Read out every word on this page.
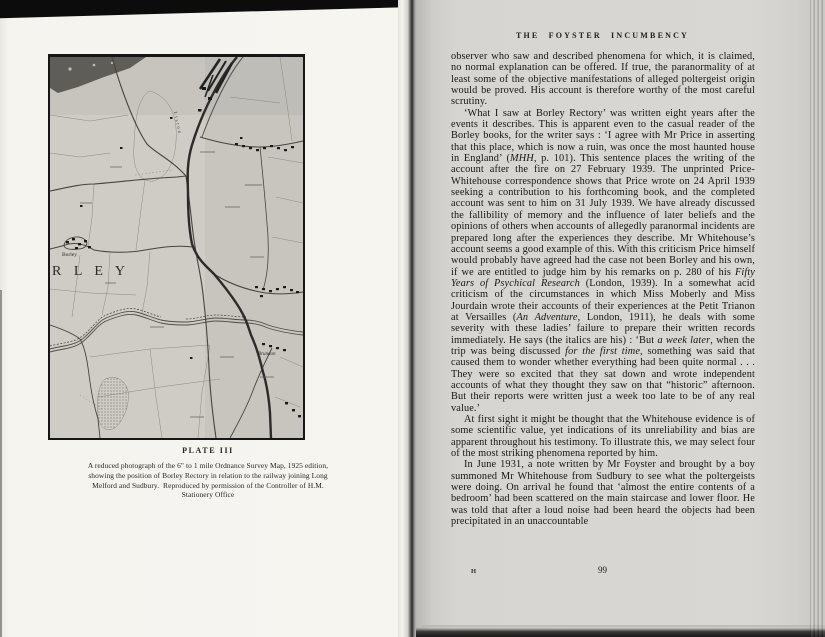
R L E Y
Borley
Brundon
Liston
PLATE III
A reduced photograph of the 6" to 1 mile Ordnance Survey Map, 1925 edition,
showing the position of Borley Rectory in relation to the railway joining Long
Melford and Sudbury.  Reproduced by permission of the Controller of H.M.
Stationery Office
THE FOYSTER INCUMBENCY

observer who saw and described phenomena for which, it is claimed, no normal explanation can be offered. If true, the paranormality of at least some of the objective manifestations of alleged poltergeist origin would be proved. His account is therefore worthy of the most careful scrutiny.

‘What I saw at Borley Rectory’ was written eight years after the events it describes. This is apparent even to the casual reader of the Borley books, for the writer says : ‘I agree with Mr Price in asserting that this place, which is now a ruin, was once the most haunted house in England’ (MHH, p. 101). This sentence places the writing of the account after the fire on 27 February 1939. The unprinted Price-Whitehouse correspondence shows that Price wrote on 24 April 1939 seeking a contribution to his forthcoming book, and the completed account was sent to him on 31 July 1939. We have already discussed the fallibility of memory and the influence of later beliefs and the opinions of others when accounts of allegedly paranormal incidents are prepared long after the experiences they describe. Mr Whitehouse’s account seems a good example of this. With this criticism Price himself would probably have agreed had the case not been Borley and his own, if we are entitled to judge him by his remarks on p. 280 of his Fifty Years of Psychical Research (London, 1939). In a somewhat acid criticism of the circumstances in which Miss Moberly and Miss Jourdain wrote their accounts of their experiences at the Petit Trianon at Versailles (An Adventure, London, 1911), he deals with some severity with these ladies’ failure to prepare their written records immediately. He says (the italics are his) : ‘But a week later, when the trip was being discussed for the first time, something was said that caused them to wonder whether everything had been quite normal . . . They were so excited that they sat down and wrote independent accounts of what they thought they saw on that “historic” afternoon. But their reports were written just a week too late to be of any real value.’

At first sight it might be thought that the Whitehouse evidence is of some scientific value, yet indications of its unreliability and bias are apparent throughout his testimony. To illustrate this, we may select four of the most striking phenomena reported by him.

In June 1931, a note written by Mr Foyster and brought by a boy summoned Mr Whitehouse from Sudbury to see what the poltergeists were doing. On arrival he found that ‘almost the entire contents of a bedroom’ had been scattered on the main staircase and lower floor. He was told that after a loud noise had been heard the objects had been precipitated in an unaccountable

H	99
